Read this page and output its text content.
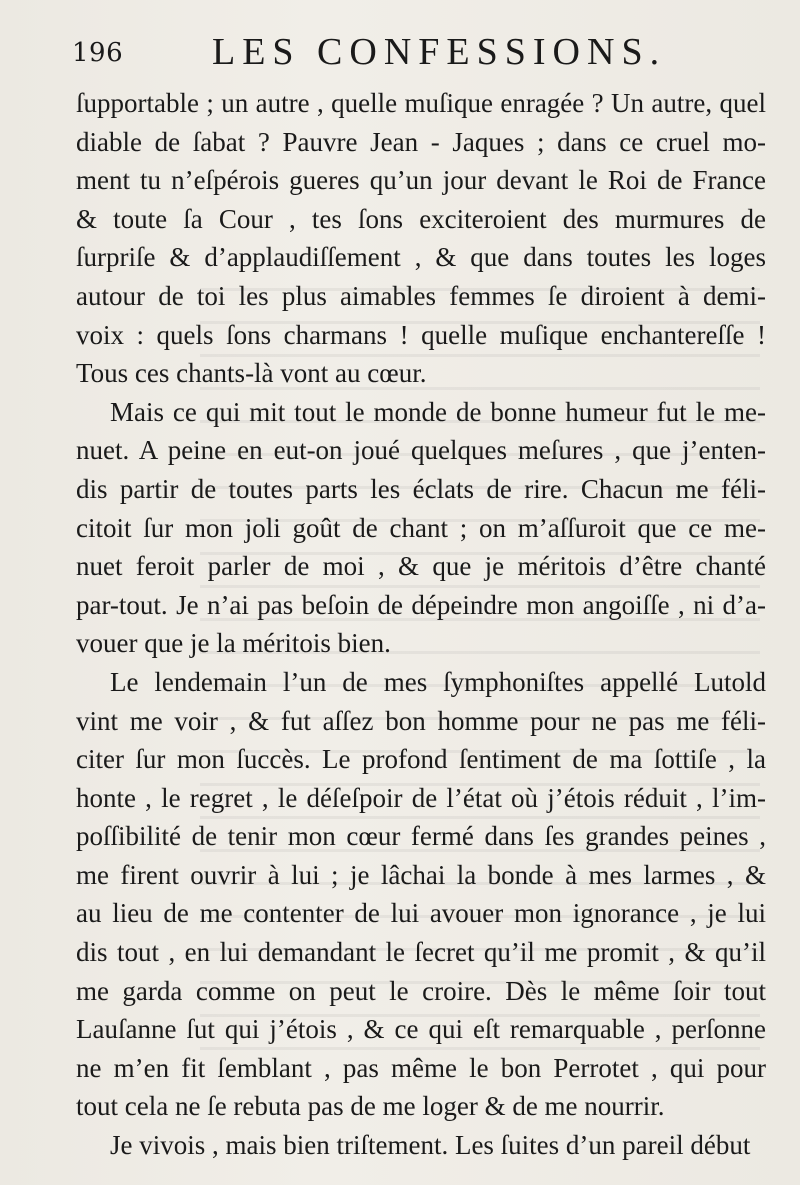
196 LES CONFESSIONS.
ſupportable ; un autre , quelle muſique enragée ? Un autre, quel
diable de ſabat ? Pauvre Jean - Jaques ; dans ce cruel mo-
ment tu n’eſpérois gueres qu’un jour devant le Roi de France
& toute ſa Cour , tes ſons exciteroient des murmures de
ſurpriſe & d’applaudiſſement , & que dans toutes les loges
autour de toi les plus aimables femmes ſe diroient à demi-
voix : quels ſons charmans ! quelle muſique enchantereſſe !
Tous ces chants-là vont au cœur.
Mais ce qui mit tout le monde de bonne humeur fut le me-
nuet. A peine en eut-on joué quelques meſures , que j’enten-
dis partir de toutes parts les éclats de rire. Chacun me féli-
citoit ſur mon joli goût de chant ; on m’aſſuroit que ce me-
nuet feroit parler de moi , & que je méritois d’être chanté
par-tout. Je n’ai pas beſoin de dépeindre mon angoiſſe , ni d’a-
vouer que je la méritois bien.
Le lendemain l’un de mes ſymphoniſtes appellé Lutold
vint me voir , & fut aſſez bon homme pour ne pas me féli-
citer ſur mon ſuccès. Le profond ſentiment de ma ſottiſe , la
honte , le regret , le déſeſpoir de l’état où j’étois réduit , l’im-
poſſibilité de tenir mon cœur fermé dans ſes grandes peines ,
me firent ouvrir à lui ; je lâchai la bonde à mes larmes , &
au lieu de me contenter de lui avouer mon ignorance , je lui
dis tout , en lui demandant le ſecret qu’il me promit , & qu’il
me garda comme on peut le croire. Dès le même ſoir tout
Lauſanne ſut qui j’étois , & ce qui eſt remarquable , perſonne
ne m’en fit ſemblant , pas même le bon Perrotet , qui pour
tout cela ne ſe rebuta pas de me loger & de me nourrir.
Je vivois , mais bien triſtement. Les ſuites d’un pareil début
